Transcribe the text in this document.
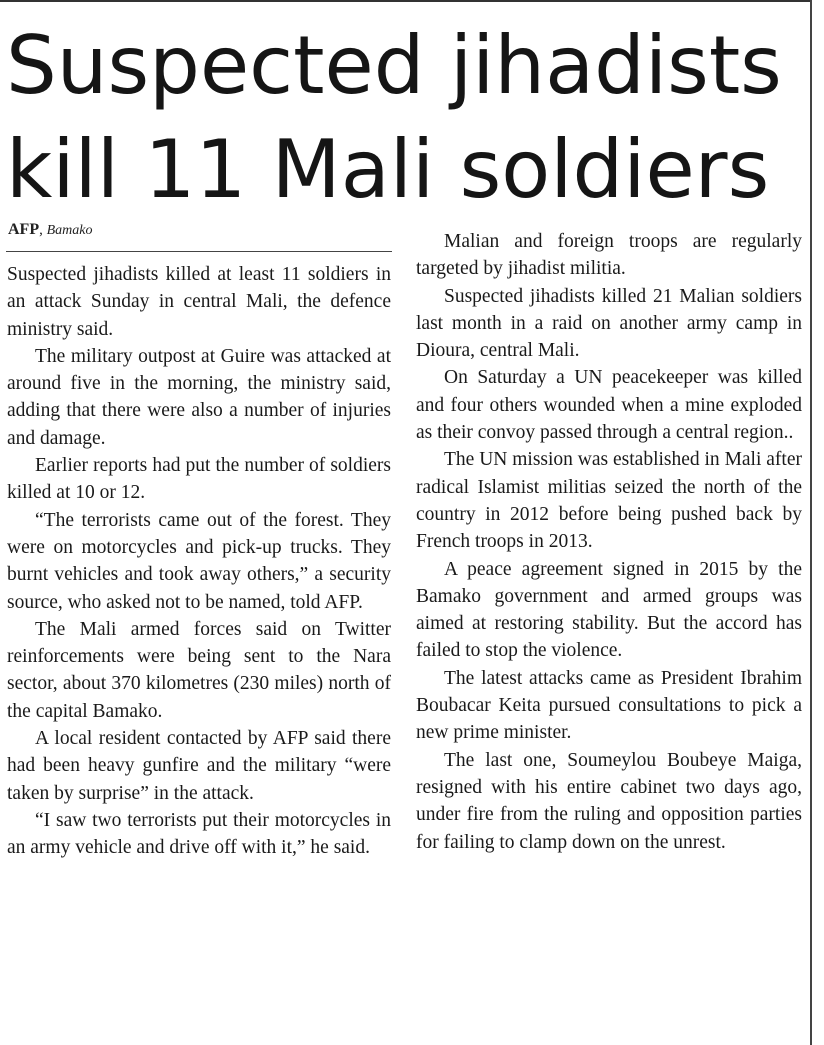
Suspected jihadists kill 11 Mali soldiers
AFP, Bamako

Suspected jihadists killed at least 11 soldiers in an attack Sunday in central Mali, the defence ministry said.

The military outpost at Guire was attacked at around five in the morning, the ministry said, adding that there were also a number of injuries and damage.

Earlier reports had put the number of soldiers killed at 10 or 12.

“The terrorists came out of the forest. They were on motorcycles and pick-up trucks. They burnt vehicles and took away others,” a security source, who asked not to be named, told AFP.

The Mali armed forces said on Twitter reinforcements were being sent to the Nara sector, about 370 kilometres (230 miles) north of the capital Bamako.

A local resident contacted by AFP said there had been heavy gunfire and the military “were taken by surprise” in the attack.

“I saw two terrorists put their motorcycles in an army vehicle and drive off with it,” he said.

Malian and foreign troops are regularly targeted by jihadist militia.

Suspected jihadists killed 21 Malian soldiers last month in a raid on another army camp in Dioura, central Mali.

On Saturday a UN peacekeeper was killed and four others wounded when a mine exploded as their convoy passed through a central region..

The UN mission was established in Mali after radical Islamist militias seized the north of the country in 2012 before being pushed back by French troops in 2013.

A peace agreement signed in 2015 by the Bamako government and armed groups was aimed at restoring stability. But the accord has failed to stop the violence.

The latest attacks came as President Ibrahim Boubacar Keita pursued consultations to pick a new prime minister.

The last one, Soumeylou Boubeye Maiga, resigned with his entire cabinet two days ago, under fire from the ruling and opposition parties for failing to clamp down on the unrest.
